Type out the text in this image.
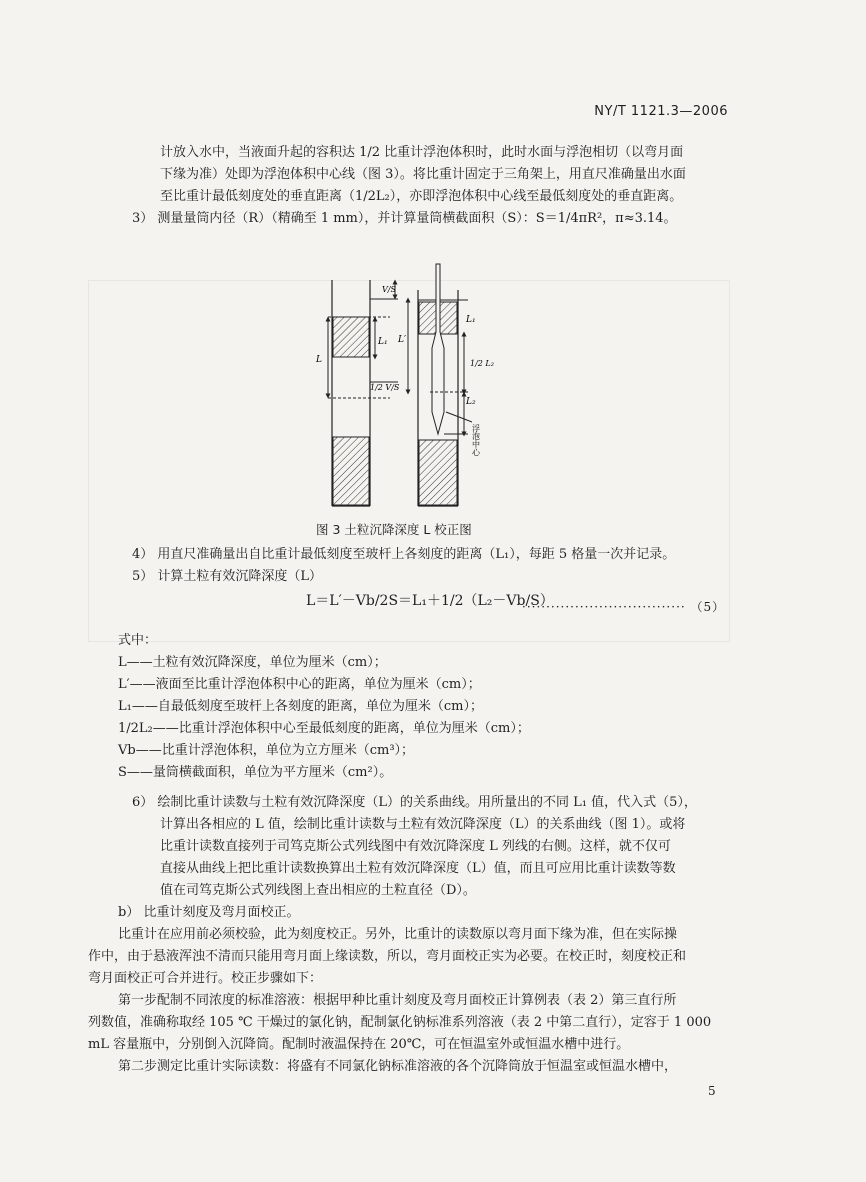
NY/T 1121.3—2006
计放入水中，当液面升起的容积达 1/2 比重计浮泡体积时，此时水面与浮泡相切（以弯月面
下缘为准）处即为浮泡体积中心线（图 3）。将比重计固定于三角架上，用直尺准确量出水面
至比重计最低刻度处的垂直距离（1/2L₂），亦即浮泡体积中心线至最低刻度处的垂直距离。
3） 测量量筒内径（R）（精确至 1 mm），并计算量筒横截面积（S）：S＝1/4πR²，π≈3.14。
V/S
L₁
L
L′
1/2 V/S
L₁
1/2 L₂
L₂
浮泡中心
图 3 土粒沉降深度 L 校正图
4） 用直尺准确量出自比重计最低刻度至玻杆上各刻度的距离（L₁），每距 5 格量一次并记录。
5） 计算土粒有效沉降深度（L）
L＝L′－Vb/2S＝L₁＋1/2（L₂－Vb/S）
·································· （5）
式中：
L——土粒有效沉降深度，单位为厘米（cm）；
L′——液面至比重计浮泡体积中心的距离，单位为厘米（cm）；
L₁——自最低刻度至玻杆上各刻度的距离，单位为厘米（cm）；
1/2L₂——比重计浮泡体积中心至最低刻度的距离，单位为厘米（cm）；
Vb——比重计浮泡体积，单位为立方厘米（cm³）；
S——量筒横截面积，单位为平方厘米（cm²）。
6） 绘制比重计读数与土粒有效沉降深度（L）的关系曲线。用所量出的不同 L₁ 值，代入式（5），
计算出各相应的 L 值，绘制比重计读数与土粒有效沉降深度（L）的关系曲线（图 1）。或将
比重计读数直接列于司笃克斯公式列线图中有效沉降深度 L 列线的右侧。这样，就不仅可
直接从曲线上把比重计读数换算出土粒有效沉降深度（L）值，而且可应用比重计读数等数
值在司笃克斯公式列线图上查出相应的土粒直径（D）。
b） 比重计刻度及弯月面校正。
比重计在应用前必须校验，此为刻度校正。另外，比重计的读数原以弯月面下缘为准，但在实际操
作中，由于悬液浑浊不清而只能用弯月面上缘读数，所以，弯月面校正实为必要。在校正时，刻度校正和
弯月面校正可合并进行。校正步骤如下：
第一步配制不同浓度的标准溶液：根据甲种比重计刻度及弯月面校正计算例表（表 2）第三直行所
列数值，准确称取经 105 ℃ 干燥过的氯化钠，配制氯化钠标准系列溶液（表 2 中第二直行），定容于 1 000
mL 容量瓶中，分别倒入沉降筒。配制时液温保持在 20℃，可在恒温室外或恒温水槽中进行。
第二步测定比重计实际读数：将盛有不同氯化钠标准溶液的各个沉降筒放于恒温室或恒温水槽中，
5
